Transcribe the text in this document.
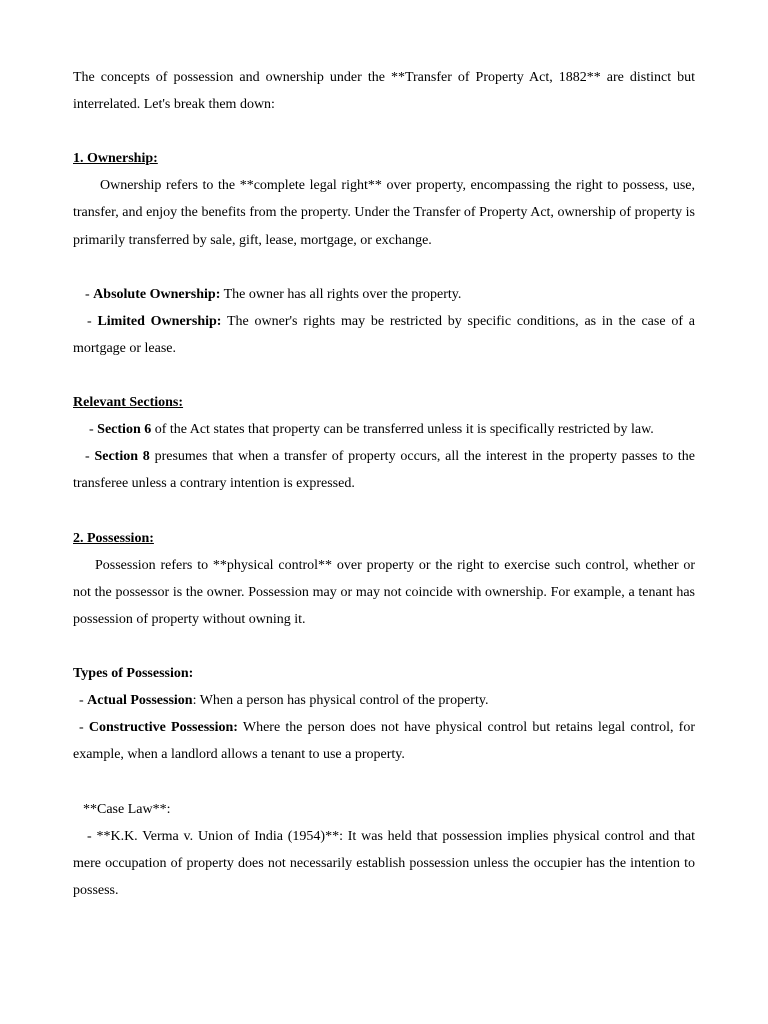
The concepts of possession and ownership under the **Transfer of Property Act, 1882** are distinct but interrelated. Let's break them down:

1. Ownership:

Ownership refers to the **complete legal right** over property, encompassing the right to possess, use, transfer, and enjoy the benefits from the property. Under the Transfer of Property Act, ownership of property is primarily transferred by sale, gift, lease, mortgage, or exchange.

- Absolute Ownership: The owner has all rights over the property.

- Limited Ownership: The owner's rights may be restricted by specific conditions, as in the case of a mortgage or lease.

Relevant Sections:

- Section 6 of the Act states that property can be transferred unless it is specifically restricted by law.

- Section 8 presumes that when a transfer of property occurs, all the interest in the property passes to the transferee unless a contrary intention is expressed.

2. Possession:

Possession refers to **physical control** over property or the right to exercise such control, whether or not the possessor is the owner. Possession may or may not coincide with ownership. For example, a tenant has possession of property without owning it.

Types of Possession:

- Actual Possession: When a person has physical control of the property.

- Constructive Possession: Where the person does not have physical control but retains legal control, for example, when a landlord allows a tenant to use a property.

**Case Law**:

- **K.K. Verma v. Union of India (1954)**: It was held that possession implies physical control and that mere occupation of property does not necessarily establish possession unless the occupier has the intention to possess.
